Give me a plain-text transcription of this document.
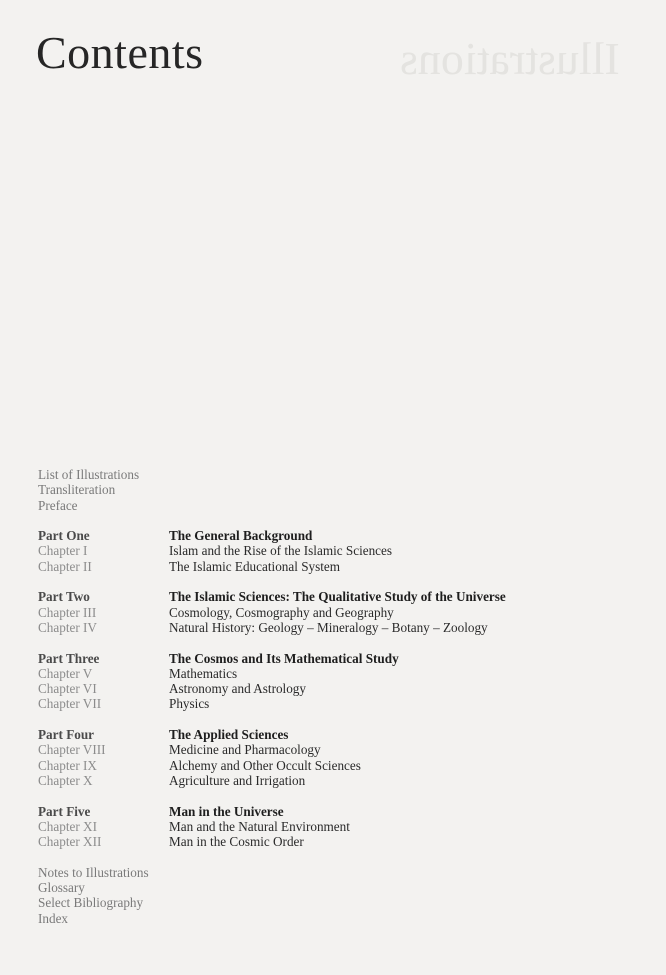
Illustrations
Contents
List of Illustrations
Transliteration
Preface
Part One	The General Background
Chapter I	Islam and the Rise of the Islamic Sciences
Chapter II	The Islamic Educational System
Part Two	The Islamic Sciences: The Qualitative Study of the Universe
Chapter III	Cosmology, Cosmography and Geography
Chapter IV	Natural History: Geology – Mineralogy – Botany – Zoology
Part Three	The Cosmos and Its Mathematical Study
Chapter V	Mathematics
Chapter VI	Astronomy and Astrology
Chapter VII	Physics
Part Four	The Applied Sciences
Chapter VIII	Medicine and Pharmacology
Chapter IX	Alchemy and Other Occult Sciences
Chapter X	Agriculture and Irrigation
Part Five	Man in the Universe
Chapter XI	Man and the Natural Environment
Chapter XII	Man in the Cosmic Order
Notes to Illustrations
Glossary
Select Bibliography
Index
